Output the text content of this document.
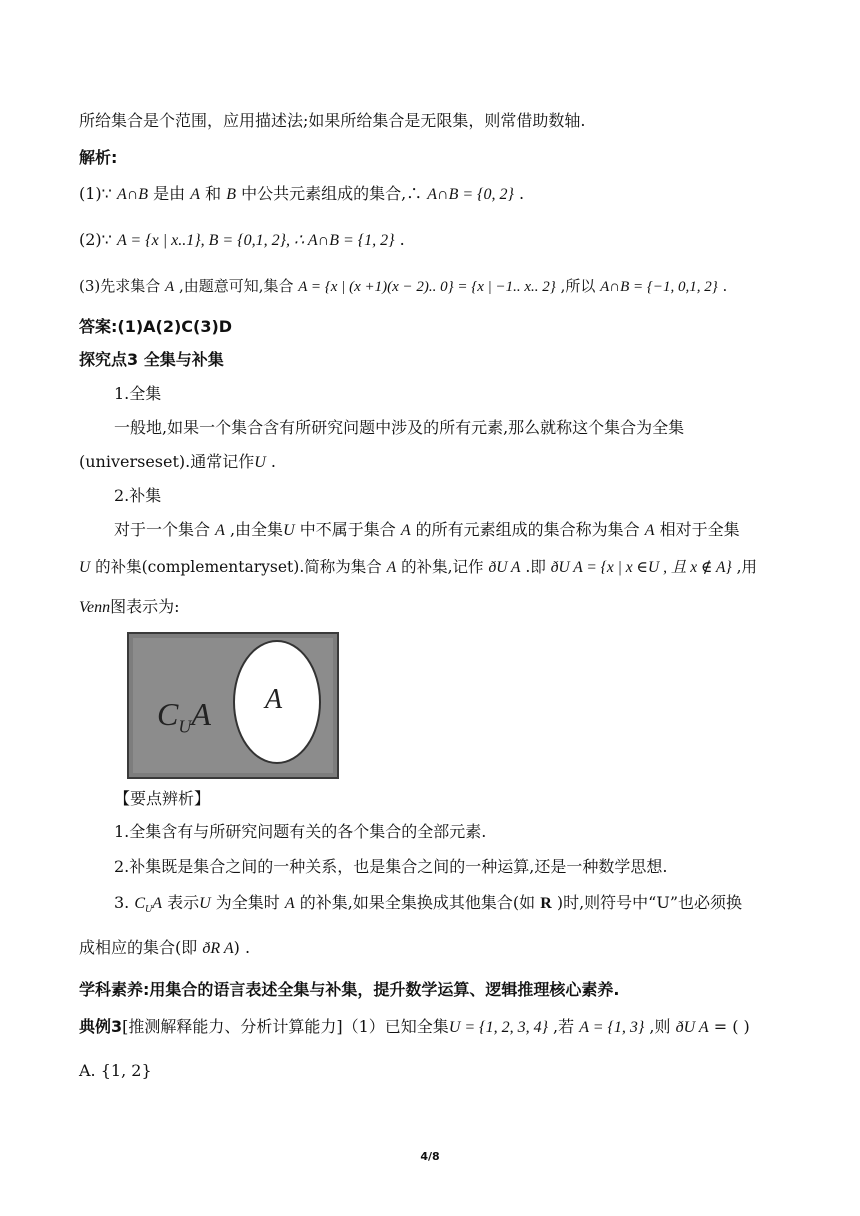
所给集合是个范围，应用描述法;如果所给集合是无限集，则常借助数轴.
解析:
(1)∵ A∩B 是由 A 和 B 中公共元素组成的集合,∴ A∩B = {0, 2} .
(2)∵ A = {x | x..1}, B = {0,1, 2}, ∴ A∩B = {1, 2} .
(3)先求集合 A ,由题意可知,集合 A = {x | (x +1)(x − 2).. 0} = {x | −1.. x.. 2} ,所以 A∩B = {−1, 0,1, 2} .
答案:(1)A(2)C(3)D
探究点3 全集与补集
1.全集
一般地,如果一个集合含有所研究问题中涉及的所有元素,那么就称这个集合为全集
(universeset).通常记作U .
2.补集
对于一个集合 A ,由全集U 中不属于集合 A 的所有元素组成的集合称为集合 A 相对于全集
U 的补集(complementaryset).简称为集合 A 的补集,记作 ðU A .即 ðU A = {x | x ∈U , 且 x ∉ A} ,用
Venn图表示为:
A
$C_UA$
【要点辨析】
1.全集含有与所研究问题有关的各个集合的全部元素.
2.补集既是集合之间的一种关系，也是集合之间的一种运算,还是一种数学思想.
3. $C_UA$ 表示U 为全集时 A 的补集,如果全集换成其他集合(如 R )时,则符号中“U”也必须换
成相应的集合(即 ðR A) .
学科素养:用集合的语言表述全集与补集，提升数学运算、逻辑推理核心素养.
典例3[推测解释能力、分析计算能力]（1）已知全集U = {1, 2, 3, 4} ,若 A = {1, 3} ,则 ðU A = ( )
A. {1, 2}
4/8
